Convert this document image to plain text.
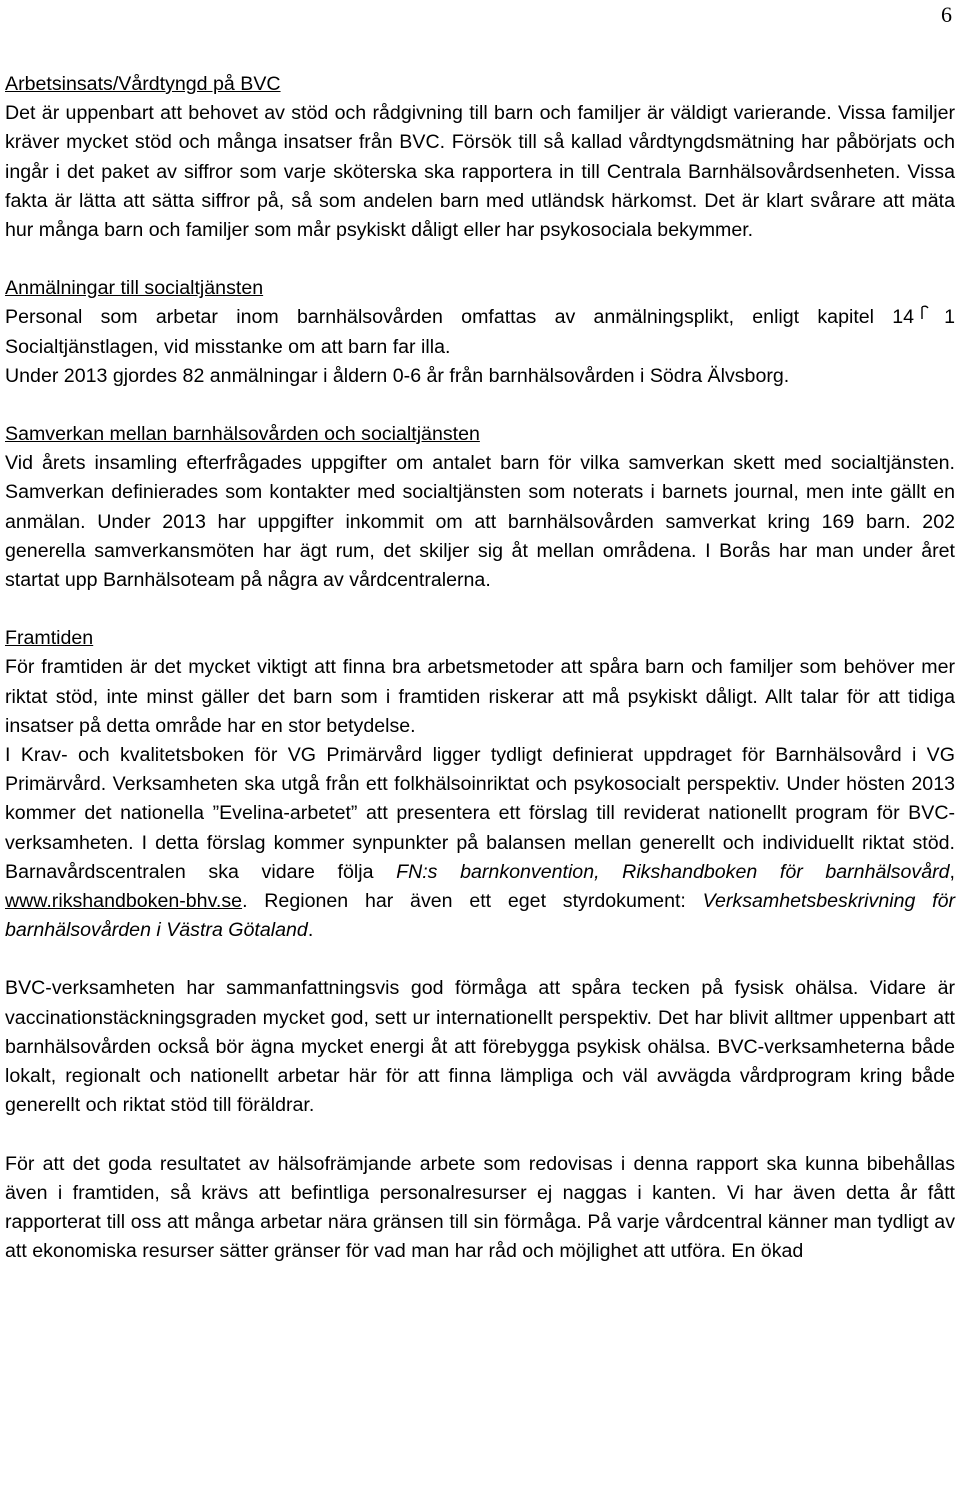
6
Arbetsinsats/Vårdtyngd på BVC

Det är uppenbart att behovet av stöd och rådgivning till barn och familjer är väldigt varierande. Vissa familjer kräver mycket stöd och många insatser från BVC. Försök till så kallad vårdtyngdsmätning har påbörjats och ingår i det paket av siffror som varje sköterska ska rapportera in till Centrala Barnhälsovårdsenheten. Vissa fakta är lätta att sätta siffror på, så som andelen barn med utländsk härkomst. Det är klart svårare att mäta hur många barn och familjer som mår psykiskt dåligt eller har psykosociala bekymmer.

Anmälningar till socialtjänsten

Personal som arbetar inom barnhälsovården omfattas av anmälningsplikt, enligt kapitel 14 1 Socialtjänstlagen, vid misstanke om att barn far illa.

Under 2013 gjordes 82 anmälningar i åldern 0-6 år från barnhälsovården i Södra Älvsborg.

Samverkan mellan barnhälsovården och socialtjänsten

Vid årets insamling efterfrågades uppgifter om antalet barn för vilka samverkan skett med socialtjänsten. Samverkan definierades som kontakter med socialtjänsten som noterats i barnets journal, men inte gällt en anmälan. Under 2013 har uppgifter inkommit om att barnhälsovården samverkat kring 169 barn. 202 generella samverkansmöten har ägt rum, det skiljer sig åt mellan områdena. I Borås har man under året startat upp Barnhälsoteam på några av vårdcentralerna.

Framtiden

För framtiden är det mycket viktigt att finna bra arbetsmetoder att spåra barn och familjer som behöver mer riktat stöd, inte minst gäller det barn som i framtiden riskerar att må psykiskt dåligt. Allt talar för att tidiga insatser på detta område har en stor betydelse.

I Krav- och kvalitetsboken för VG Primärvård ligger tydligt definierat uppdraget för Barnhälsovård i VG Primärvård. Verksamheten ska utgå från ett folkhälsoinriktat och psykosocialt perspektiv. Under hösten 2013 kommer det nationella ”Evelina-arbetet” att presentera ett förslag till reviderat nationellt program för BVC-verksamheten. I detta förslag kommer synpunkter på balansen mellan generellt och individuellt riktat stöd. Barnavårdscentralen ska vidare följa FN:s barnkonvention, Rikshandboken för barnhälsovård, www.rikshandboken-bhv.se. Regionen har även ett eget styrdokument: Verksamhetsbeskrivning för barnhälsovården i Västra Götaland.

BVC-verksamheten har sammanfattningsvis god förmåga att spåra tecken på fysisk ohälsa. Vidare är vaccinationstäckningsgraden mycket god, sett ur internationellt perspektiv. Det har blivit alltmer uppenbart att barnhälsovården också bör ägna mycket energi åt att förebygga psykisk ohälsa. BVC-verksamheterna både lokalt, regionalt och nationellt arbetar här för att finna lämpliga och väl avvägda vårdprogram kring både generellt och riktat stöd till föräldrar.

För att det goda resultatet av hälsofrämjande arbete som redovisas i denna rapport ska kunna bibehållas även i framtiden, så krävs att befintliga personalresurser ej naggas i kanten. Vi har även detta år fått rapporterat till oss att många arbetar nära gränsen till sin förmåga. På varje vårdcentral känner man tydligt av att ekonomiska resurser sätter gränser för vad man har råd och möjlighet att utföra. En ökad
